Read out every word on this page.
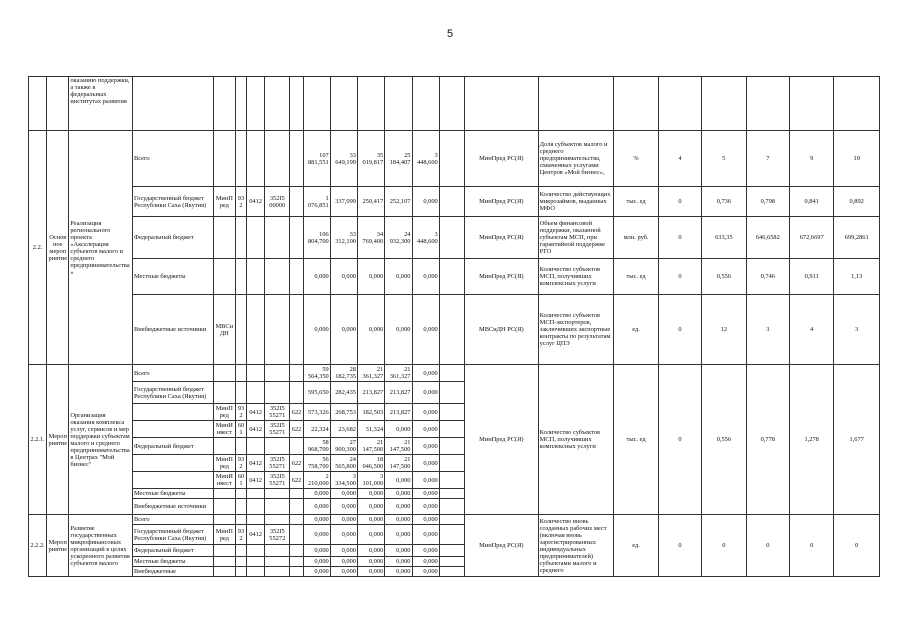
5
		оказанию поддержки, а также в федеральных институтах развития																				
2.2.	Основное мероприятие	Реализация регионального проекта «Акселерация субъектов малого и среднего предпринимательства»	Всего						107 881,551	33 649,199	35 019,817	25 184,407	3 448,600		МинПред РС(Я)	Доля субъектов малого и среднего предпринимательства, охваченных услугами Центров «Мой бизнес»,	%	4	5	7	9	10
			Государственный бюджет Республики Саха (Якутия)	МинПред	932	0412	352I5 00000		1 076,851	337,099	250,417	252,107	0,000		МинПред РС(Я)	Количество действующих микрозаймов, выданных МФО	тыс. ед	0	0,736	0,798	0,841	0,892
			Федеральный бюджет						106 804,700	33 312,100	34 769,400	24 932,300	3 448,600		МинПред РС(Я)	Объем финансовой поддержки, оказанной субъектам МСП, при гарантийной поддержке РГО	млн. руб.	0	633,35	646,6582	672,6697	699,2861
			Местные бюджеты						0,000	0,000	0,000	0,000	0,000		МинПред РС(Я)	Количество субъектов МСП, получивших комплексных услуги	тыс. ед	0	0,556	0,746	0,911	1,13
			Внебюджетные источники	МВСиДН					0,000	0,000	0,000	0,000	0,000		МВСиДН РС(Я)	Количество субъектов МСП-экспортеров, заключивших экспортные контракты по результатам услуг ЦПЭ	ед.	0	12	3	4	3
2.2.1.	Мероприятие	Организация оказания комплекса услуг, сервисов и мер поддержки субъектам малого и среднего предпринимательства в Центрах "Мой бизнес"	Всего						59 564,350	28 182,735	21 361,327	21 361,327	0,000		МинПред РС(Я)	Количество субъектов МСП, получивших комплексных услуги	тыс. ед	0	0,556	0,778	1,278	1,677
			Государственный бюджет Республики Саха (Якутия)						595,650	282,435	213,827	213,827	0,000									
				МинПред	932	0412	352I5 55271	622	573,326	268,753	182,503	213,827	0,000									
				МинИнвест	601	0412	352I5 55271	622	22,324	23,682	31,324	0,000	0,000									
			Федеральный бюджет						58 968,700	27 900,300	21 147,500	21 147,500	0,000									
				МинПред	932	0412	352I5 55271	622	56 758,700	24 565,800	18 046,500	21 147,500	0,000									
				МинИнвест	601	0412	352I5 55271	622	2 210,000	3 334,500	3 101,000	0,000	0,000									
			Местные бюджеты						0,000	0,000	0,000	0,000	0,000									
			Внебюджетные источники						0,000	0,000	0,000	0,000	0,000									
2.2.2.	Мероприятие	Развитие государственных микрофинансовых организаций в целях ускоренного развития субъектов малого	Всего						0,000	0,000	0,000	0,000	0,000		МинПред РС(Я)	Количество вновь созданных рабочих мест (включая вновь зарегистрированных индивидуальных предпринимателей) субъектами малого и среднего	ед.	0	0	0	0	0
			Государственный бюджет Республики Саха (Якутия)	МинПред	932	0412	352I5 55272		0,000	0,000	0,000	0,000	0,000									
			Федеральный бюджет						0,000	0,000	0,000	0,000	0,000									
			Местные бюджеты						0,000	0,000	0,000	0,000	0,000									
			Внебюджетные						0,000	0,000	0,000	0,000	0,000									
